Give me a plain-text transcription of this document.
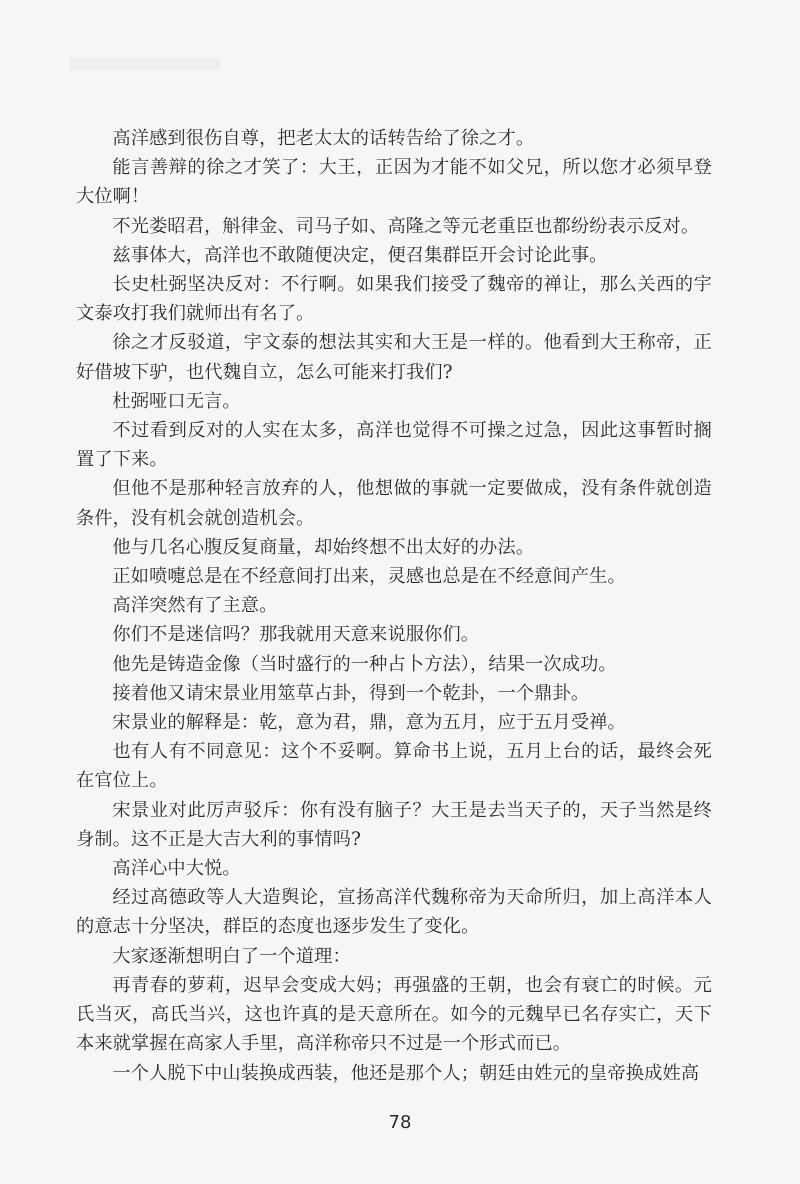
高洋感到很伤自尊，把老太太的话转告给了徐之才。

能言善辩的徐之才笑了：大王，正因为才能不如父兄，所以您才必须早登大位啊！

不光娄昭君，斛律金、司马子如、高隆之等元老重臣也都纷纷表示反对。

兹事体大，高洋也不敢随便决定，便召集群臣开会讨论此事。

长史杜弼坚决反对：不行啊。如果我们接受了魏帝的禅让，那么关西的宇文泰攻打我们就师出有名了。

徐之才反驳道，宇文泰的想法其实和大王是一样的。他看到大王称帝，正好借坡下驴，也代魏自立，怎么可能来打我们?

杜弼哑口无言。

不过看到反对的人实在太多，高洋也觉得不可操之过急，因此这事暂时搁置了下来。

但他不是那种轻言放弃的人，他想做的事就一定要做成，没有条件就创造条件，没有机会就创造机会。

他与几名心腹反复商量，却始终想不出太好的办法。

正如喷嚏总是在不经意间打出来，灵感也总是在不经意间产生。

高洋突然有了主意。

你们不是迷信吗？那我就用天意来说服你们。

他先是铸造金像（当时盛行的一种占卜方法），结果一次成功。

接着他又请宋景业用筮草占卦，得到一个乾卦，一个鼎卦。

宋景业的解释是：乾，意为君，鼎，意为五月，应于五月受禅。

也有人有不同意见：这个不妥啊。算命书上说，五月上台的话，最终会死在官位上。

宋景业对此厉声驳斥：你有没有脑子？大王是去当天子的，天子当然是终身制。这不正是大吉大利的事情吗?

高洋心中大悦。

经过高德政等人大造舆论，宣扬高洋代魏称帝为天命所归，加上高洋本人的意志十分坚决，群臣的态度也逐步发生了变化。

大家逐渐想明白了一个道理：

再青春的萝莉，迟早会变成大妈；再强盛的王朝，也会有衰亡的时候。元氏当灭，高氏当兴，这也许真的是天意所在。如今的元魏早已名存实亡，天下本来就掌握在高家人手里，高洋称帝只不过是一个形式而已。

一个人脱下中山装换成西装，他还是那个人；朝廷由姓元的皇帝换成姓高

78
